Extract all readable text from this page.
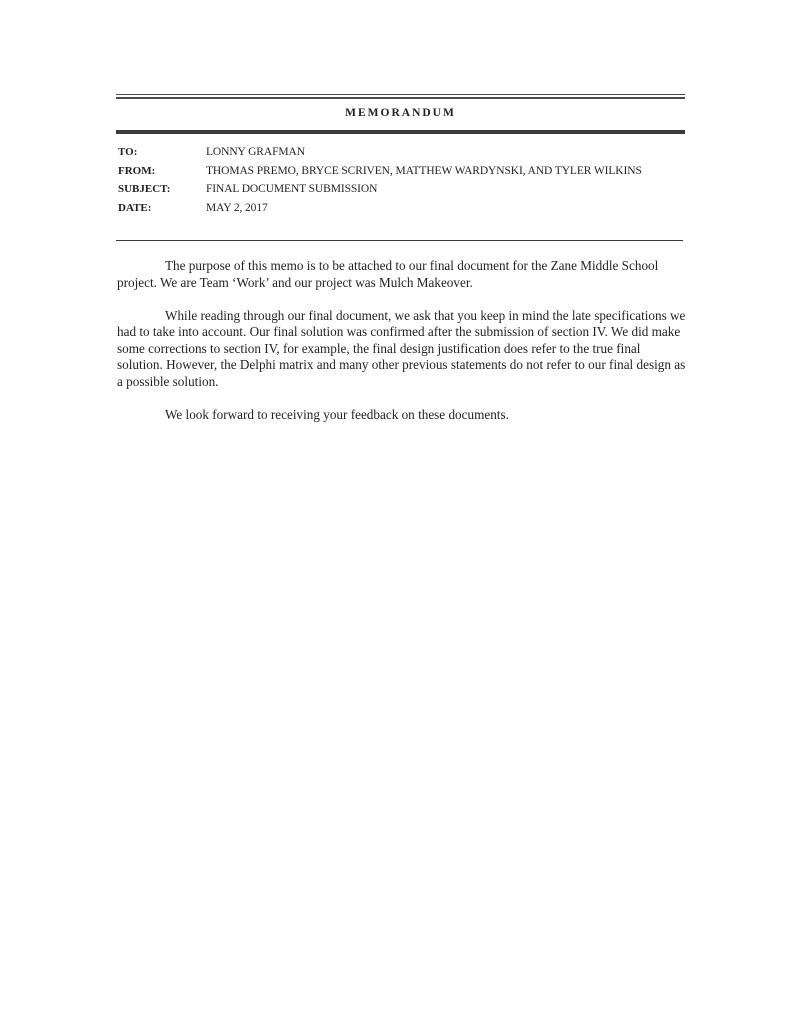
MEMORANDUM
TO:	LONNY GRAFMAN
FROM:	THOMAS PREMO, BRYCE SCRIVEN, MATTHEW WARDYNSKI, AND TYLER WILKINS
SUBJECT:	FINAL DOCUMENT SUBMISSION
DATE:	MAY 2, 2017

The purpose of this memo is to be attached to our final document for the Zane Middle School project. We are Team ‘Work’ and our project was Mulch Makeover.

While reading through our final document, we ask that you keep in mind the late specifications we had to take into account. Our final solution was confirmed after the submission of section IV. We did make some corrections to section IV, for example, the final design justification does refer to the true final solution. However, the Delphi matrix and many other previous statements do not refer to our final design as a possible solution.

We look forward to receiving your feedback on these documents.
